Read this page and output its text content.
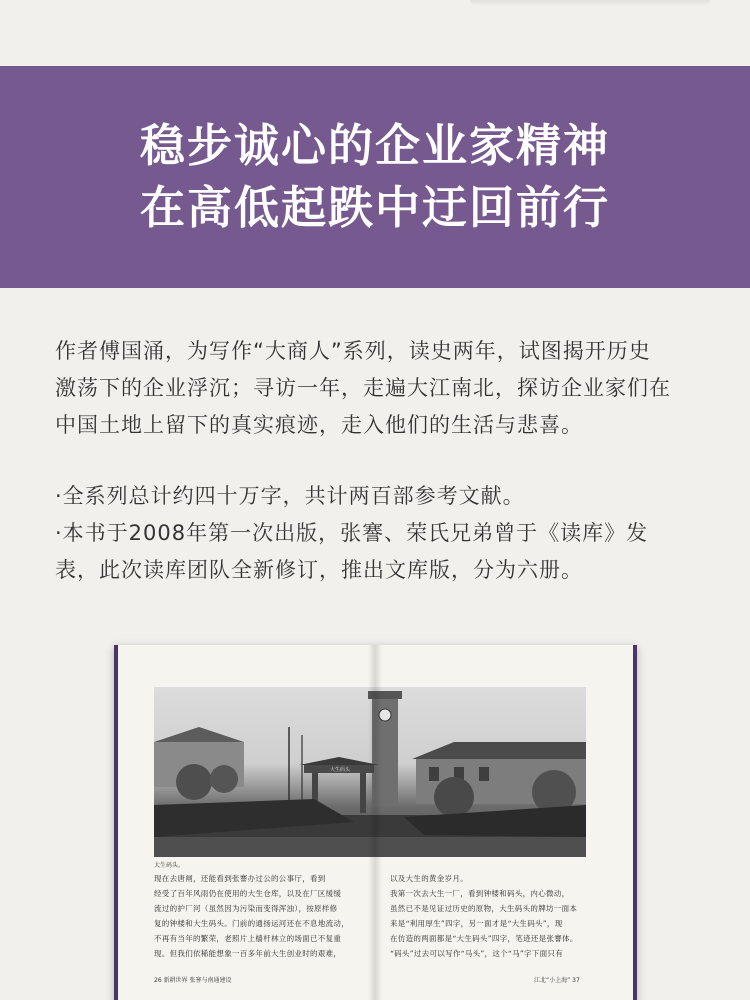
稳步诚心的企业家精神
在高低起跌中迂回前行
作者傅国涌，为写作“大商人”系列，读史两年，试图揭开历史
激荡下的企业浮沉；寻访一年，走遍大江南北，探访企业家们在
中国土地上留下的真实痕迹，走入他们的生活与悲喜。
·全系列总计约四十万字，共计两百部参考文献。
·本书于2008年第一次出版，张謇、荣氏兄弟曾于《读库》发
表，此次读库团队全新修订，推出文库版，分为六册。
大生码头
大生码头。
现在去唐闸，还能看到张謇办过公的公事厅，看到
经受了百年风雨仍在使用的大生仓库，以及在厂区缓缓
流过的护厂河（虽然因为污染而变得浑浊），按原样修
复的钟楼和大生码头。门前的通扬运河还在不息地流动，
不再有当年的繁荣，老照片上樯杆林立的场面已不复重
现。但我们依稀能想象一百多年前大生创业时的艰难，
以及大生的黄金岁月。
我第一次去大生一厂，看到钟楼和码头，内心微动，
虽然已不是见证过历史的原物，大生码头的牌坊一面本
来是“利用厚生”四字，另一面才是“大生码头”，现
在仿造的两面都是“大生码头”四字，笔迹还是张謇体。
“码头”过去可以写作“马头”，这个“马”字下面只有
26 新耕世界 张謇与南通建设	江北“小上海” 37
